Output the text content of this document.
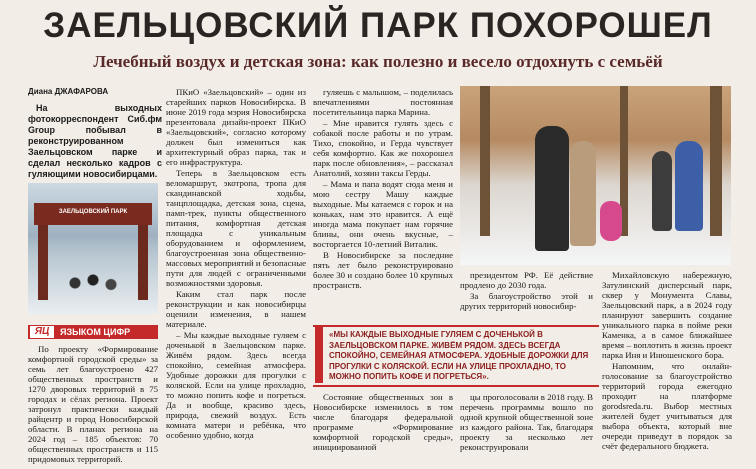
ЗАЕЛЬЦОВСКИЙ ПАРК ПОХОРОШЕЛ
Лечебный воздух и детская зона: как полезно и весело отдохнуть с семьёй
Диана ДЖАФАРОВА
На выходных фотокорреспондент Сиб.фм Group побывал в реконструированном Заельцовском парке и сделал несколько кадров с гуляющими новосибирцами.
ЗАЕЛЬЦОВСКИЙ ПАРК
ЯЦ	ЯЗЫКОМ ЦИФР

По проекту «Формирование комфортной городской среды» за семь лет благоустроено 427 общественных пространств и 1270 дворовых территорий в 75 городах и сёлах региона. Проект затронул практически каждый райцентр и город Новосибирской области. В планах региона на 2024 год – 185 объектов: 70 общественных пространств и 115 придомовых территорий.

ПКиО «Заельцовский» – один из старейших парков Новосибирска. В июне 2019 года мэрия Новосибирска презентовала дизайн-проект ПКиО «Заельцовский», согласно которому должен был измениться как архитектурный образ парка, так и его инфраструктура.

Теперь в Заельцовском есть веломаршрут, экотропа, тропа для скандинавской ходьбы, танцплощадка, детская зона, сцена, памп-трек, пункты общественного питания, комфортная детская площадка с уникальным оборудованием и оформлением, благоустроенная зона общественно-массовых мероприятий и безопасные пути для людей с ограниченными возможностями здоровья.

Каким стал парк после реконструкции и как новосибирцы оценили изменения, в нашем материале.

– Мы каждые выходные гуляем с доченькой в Заельцовском парке. Живём рядом. Здесь всегда спокойно, семейная атмосфера. Удобные дорожки для прогулки с коляской. Если на улице прохладно, то можно попить кофе и погреться. Да и вообще, красиво здесь, природа, свежий воздух. Есть комната матери и ребёнка, что особенно удобно, когда

гуляешь с малышом, – поделилась впечатлениями постоянная посетительница парка Марина.

– Мне нравится гулять здесь с собакой после работы и по утрам. Тихо, спокойно, и Герда чувствует себя комфортно. Как же похорошел парк после обновления», – рассказал Анатолий, хозяин таксы Герды.

– Мама и папа водят сюда меня и мою сестру Машу каждые выходные. Мы катаемся с горок и на коньках, нам это нравится. А ещё иногда мама покупает нам горячие блины, они очень вкусные, – восторгается 10-летний Виталик.

В Новосибирске за последние пять лет было реконструировано более 30 и создано более 10 крупных пространств.

президентом РФ. Её действие продлено до 2030 года.

За благоустройство этой и других территорий новосибир-

Михайловскую набережную, Затулинский дисперсный парк, сквер у Монумента Славы, Заельцовский парк, а в 2024 году планируют завершить создание уникального парка в пойме реки Каменка, а в самое ближайшее время – воплотить в жизнь проект парка Иня и Инюшенского бора.

Напомним, что онлайн-голосование за благоустройство территорий города ежегодно проходит на платформе gorodsreda.ru. Выбор местных жителей будет учитываться для выбора объекта, который вне очереди приведут в порядок за счёт федерального бюджета.

«МЫ КАЖДЫЕ ВЫХОДНЫЕ ГУЛЯЕМ С ДОЧЕНЬКОЙ В ЗАЕЛЬЦОВСКОМ ПАРКЕ. ЖИВЁМ РЯДОМ. ЗДЕСЬ ВСЕГДА СПОКОЙНО, СЕМЕЙНАЯ АТМОСФЕРА. УДОБНЫЕ ДОРОЖКИ ДЛЯ ПРОГУЛКИ С КОЛЯСКОЙ. ЕСЛИ НА УЛИЦЕ ПРОХЛАДНО, ТО МОЖНО ПОПИТЬ КОФЕ И ПОГРЕТЬСЯ».

Состояние общественных зон в Новосибирске изменилось в том числе благодаря федеральной программе «Формирование комфортной городской среды», инициированной

цы проголосовали в 2018 году. В перечень программы вошло по одной крупной общественной зоне из каждого района. Так, благодаря проекту за несколько лет реконструировали
